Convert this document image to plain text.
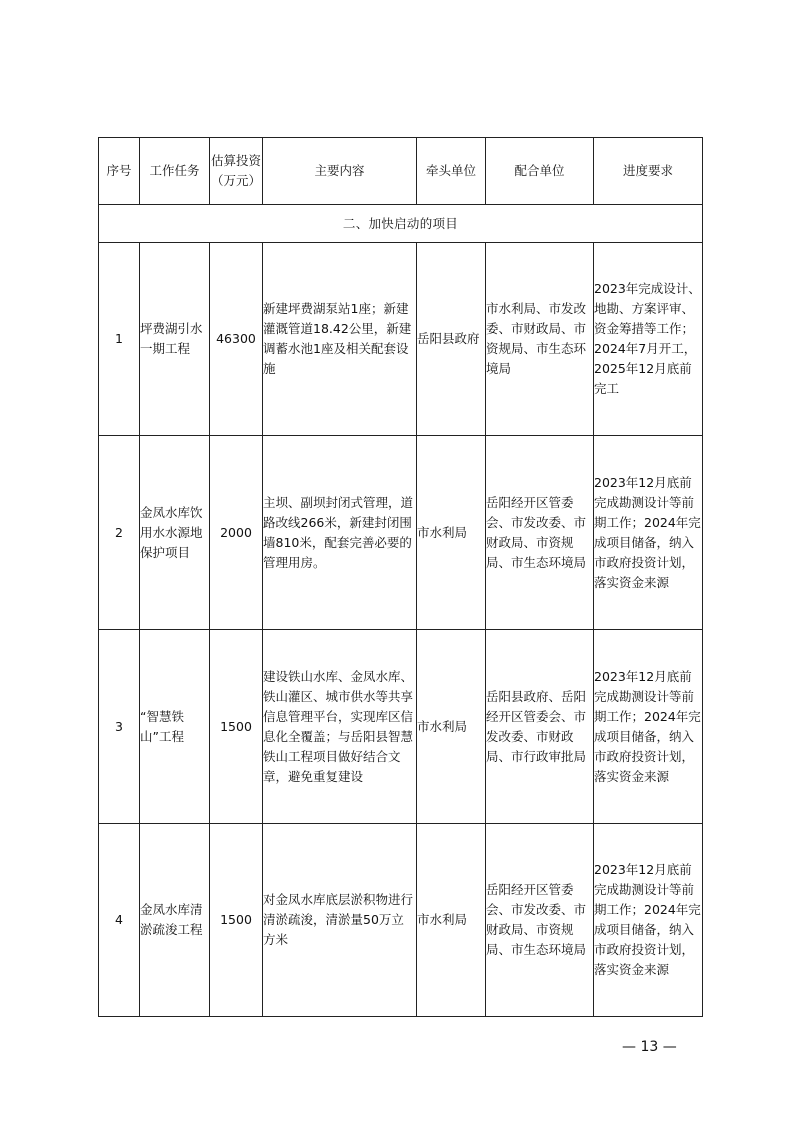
序号	工作任务	估算投资（万元）	主要内容	牵头单位	配合单位	进度要求
二、加快启动的项目						
1	坪费湖引水一期工程	46300	新建坪费湖泵站1座；新建灌溉管道18.42公里，新建调蓄水池1座及相关配套设施	岳阳县政府	市水利局、市发改委、市财政局、市资规局、市生态环境局	2023年完成设计、地勘、方案评审、资金筹措等工作；2024年7月开工，2025年12月底前完工
2	金凤水库饮用水水源地保护项目	2000	主坝、副坝封闭式管理，道路改线266米，新建封闭围墙810米，配套完善必要的管理用房。	市水利局	岳阳经开区管委会、市发改委、市财政局、市资规局、市生态环境局	2023年12月底前完成勘测设计等前期工作；2024年完成项目储备，纳入市政府投资计划，落实资金来源
3	“智慧铁山”工程	1500	建设铁山水库、金凤水库、铁山灌区、城市供水等共享信息管理平台，实现库区信息化全覆盖；与岳阳县智慧铁山工程项目做好结合文章，避免重复建设	市水利局	岳阳县政府、岳阳经开区管委会、市发改委、市财政局、市行政审批局	2023年12月底前完成勘测设计等前期工作；2024年完成项目储备，纳入市政府投资计划，落实资金来源
4	金凤水库清淤疏浚工程	1500	对金凤水库底层淤积物进行清淤疏浚，清淤量50万立方米	市水利局	岳阳经开区管委会、市发改委、市财政局、市资规局、市生态环境局	2023年12月底前完成勘测设计等前期工作；2024年完成项目储备，纳入市政府投资计划，落实资金来源
— 13 —
